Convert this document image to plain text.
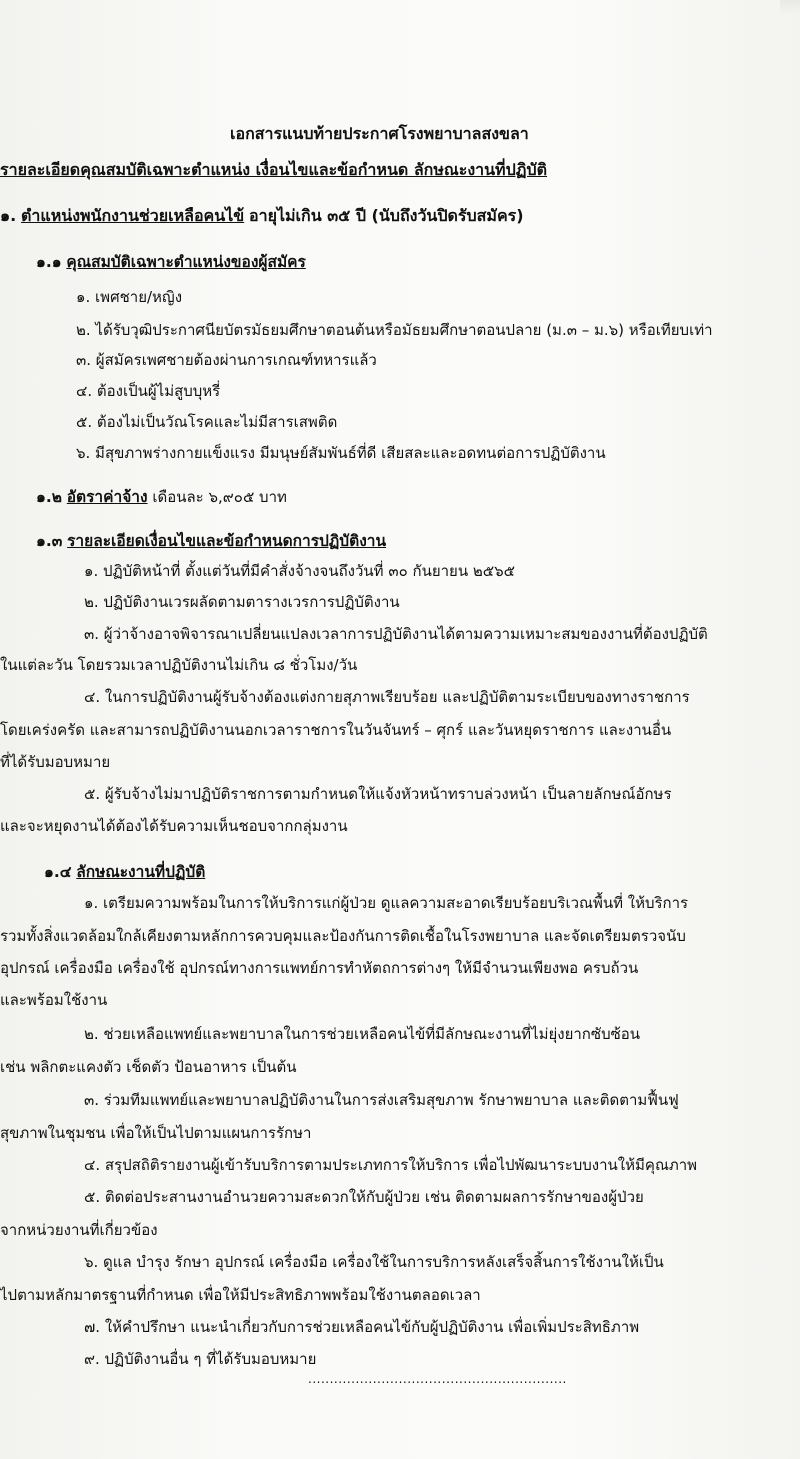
เอกสารแนบท้ายประกาศโรงพยาบาลสงขลา
รายละเอียดคุณสมบัติเฉพาะตำแหน่ง เงื่อนไขและข้อกำหนด ลักษณะงานที่ปฏิบัติ
๑. ตำแหน่งพนักงานช่วยเหลือคนไข้ อายุไม่เกิน ๓๕ ปี (นับถึงวันปิดรับสมัคร)
๑.๑ คุณสมบัติเฉพาะตำแหน่งของผู้สมัคร
๑. เพศชาย/หญิง
๒. ได้รับวุฒิประกาศนียบัตรมัธยมศึกษาตอนต้นหรือมัธยมศึกษาตอนปลาย (ม.๓ – ม.๖) หรือเทียบเท่า
๓. ผู้สมัครเพศชายต้องผ่านการเกณฑ์ทหารแล้ว
๔. ต้องเป็นผู้ไม่สูบบุหรี่
๕. ต้องไม่เป็นวัณโรคและไม่มีสารเสพติด
๖. มีสุขภาพร่างกายแข็งแรง มีมนุษย์สัมพันธ์ที่ดี เสียสละและอดทนต่อการปฏิบัติงาน
๑.๒ อัตราค่าจ้าง เดือนละ ๖,๙๐๕ บาท
๑.๓ รายละเอียดเงื่อนไขและข้อกำหนดการปฏิบัติงาน
๑. ปฏิบัติหน้าที่ ตั้งแต่วันที่มีคำสั่งจ้างจนถึงวันที่ ๓๐ กันยายน ๒๕๖๕
๒. ปฏิบัติงานเวรผลัดตามตารางเวรการปฏิบัติงาน
๓. ผู้ว่าจ้างอาจพิจารณาเปลี่ยนแปลงเวลาการปฏิบัติงานได้ตามความเหมาะสมของงานที่ต้องปฏิบัติ
ในแต่ละวัน โดยรวมเวลาปฏิบัติงานไม่เกิน ๘ ชั่วโมง/วัน
๔. ในการปฏิบัติงานผู้รับจ้างต้องแต่งกายสุภาพเรียบร้อย และปฏิบัติตามระเบียบของทางราชการ
โดยเคร่งครัด และสามารถปฏิบัติงานนอกเวลาราชการในวันจันทร์ – ศุกร์ และวันหยุดราชการ และงานอื่น
ที่ได้รับมอบหมาย
๕. ผู้รับจ้างไม่มาปฏิบัติราชการตามกำหนดให้แจ้งหัวหน้าทราบล่วงหน้า เป็นลายลักษณ์อักษร
และจะหยุดงานได้ต้องได้รับความเห็นชอบจากกลุ่มงาน
๑.๔ ลักษณะงานที่ปฏิบัติ
๑. เตรียมความพร้อมในการให้บริการแก่ผู้ป่วย ดูแลความสะอาดเรียบร้อยบริเวณพื้นที่ ให้บริการ
รวมทั้งสิ่งแวดล้อมใกล้เคียงตามหลักการควบคุมและป้องกันการติดเชื้อในโรงพยาบาล และจัดเตรียมตรวจนับ
อุปกรณ์ เครื่องมือ เครื่องใช้ อุปกรณ์ทางการแพทย์การทำหัตถการต่างๆ ให้มีจำนวนเพียงพอ ครบถ้วน
และพร้อมใช้งาน
๒. ช่วยเหลือแพทย์และพยาบาลในการช่วยเหลือคนไข้ที่มีลักษณะงานที่ไม่ยุ่งยากซับซ้อน
เช่น พลิกตะแคงตัว เช็ดตัว ป้อนอาหาร เป็นต้น
๓. ร่วมทีมแพทย์และพยาบาลปฏิบัติงานในการส่งเสริมสุขภาพ รักษาพยาบาล และติดตามฟื้นฟู
สุขภาพในชุมชน เพื่อให้เป็นไปตามแผนการรักษา
๔. สรุปสถิติรายงานผู้เข้ารับบริการตามประเภทการให้บริการ เพื่อไปพัฒนาระบบงานให้มีคุณภาพ
๕. ติดต่อประสานงานอำนวยความสะดวกให้กับผู้ป่วย เช่น ติดตามผลการรักษาของผู้ป่วย
จากหน่วยงานที่เกี่ยวข้อง
๖. ดูแล บำรุง รักษา อุปกรณ์ เครื่องมือ เครื่องใช้ในการบริการหลังเสร็จสิ้นการใช้งานให้เป็น
ไปตามหลักมาตรฐานที่กำหนด เพื่อให้มีประสิทธิภาพพร้อมใช้งานตลอดเวลา
๗. ให้คำปรึกษา แนะนำเกี่ยวกับการช่วยเหลือคนไข้กับผู้ปฏิบัติงาน เพื่อเพิ่มประสิทธิภาพ
๙. ปฏิบัติงานอื่น ๆ ที่ได้รับมอบหมาย
............................................................
